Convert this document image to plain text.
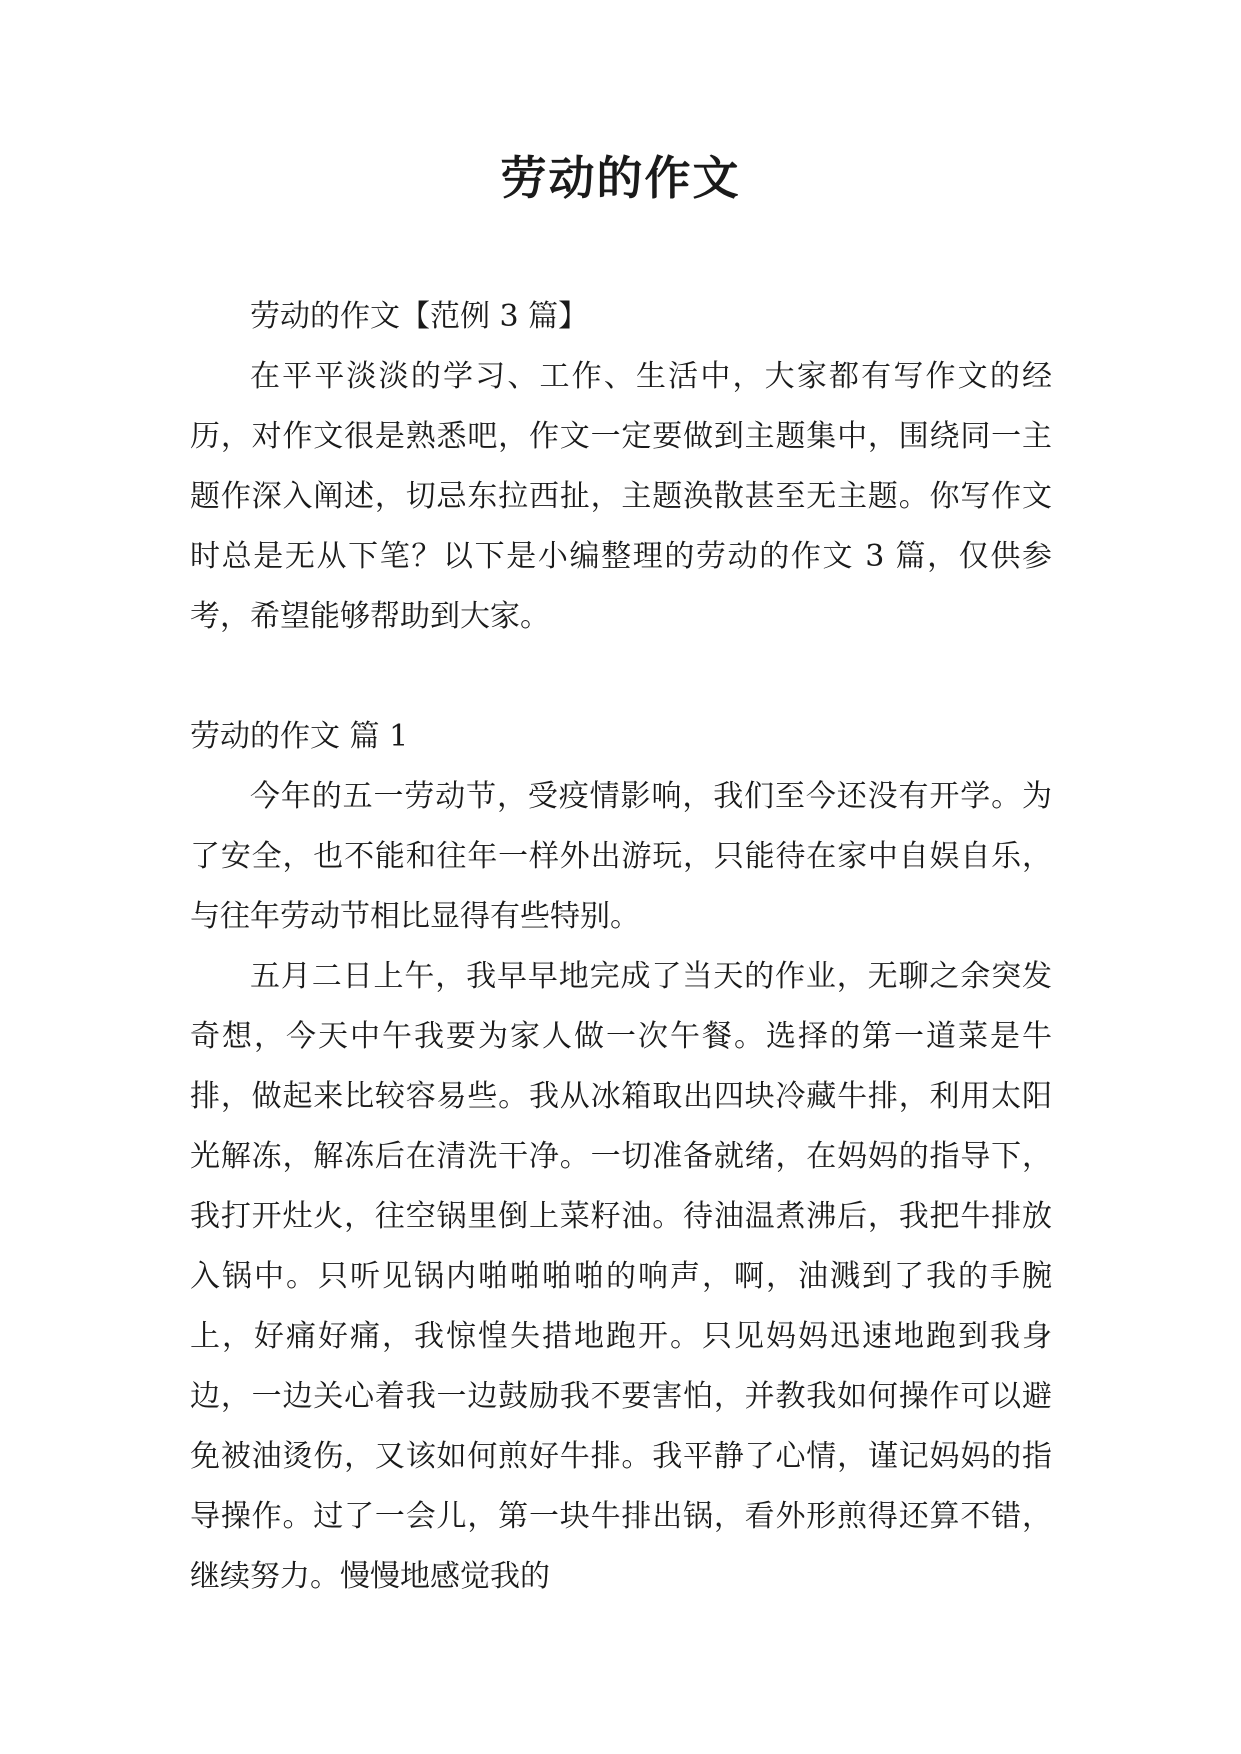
劳动的作文

劳动的作文【范例 3 篇】

在平平淡淡的学习、工作、生活中，大家都有写作文的经历，对作文很是熟悉吧，作文一定要做到主题集中，围绕同一主题作深入阐述，切忌东拉西扯，主题涣散甚至无主题。你写作文时总是无从下笔？以下是小编整理的劳动的作文 3 篇，仅供参考，希望能够帮助到大家。

劳动的作文 篇 1

今年的五一劳动节，受疫情影响，我们至今还没有开学。为了安全，也不能和往年一样外出游玩，只能待在家中自娱自乐，与往年劳动节相比显得有些特别。

五月二日上午，我早早地完成了当天的作业，无聊之余突发奇想，今天中午我要为家人做一次午餐。选择的第一道菜是牛排，做起来比较容易些。我从冰箱取出四块冷藏牛排，利用太阳光解冻，解冻后在清洗干净。一切准备就绪，在妈妈的指导下，我打开灶火，往空锅里倒上菜籽油。待油温煮沸后，我把牛排放入锅中。只听见锅内啪啪啪啪的响声，啊，油溅到了我的手腕上，好痛好痛，我惊惶失措地跑开。只见妈妈迅速地跑到我身边，一边关心着我一边鼓励我不要害怕，并教我如何操作可以避免被油烫伤，又该如何煎好牛排。我平静了心情，谨记妈妈的指导操作。过了一会儿，第一块牛排出锅，看外形煎得还算不错，继续努力。慢慢地感觉我的
